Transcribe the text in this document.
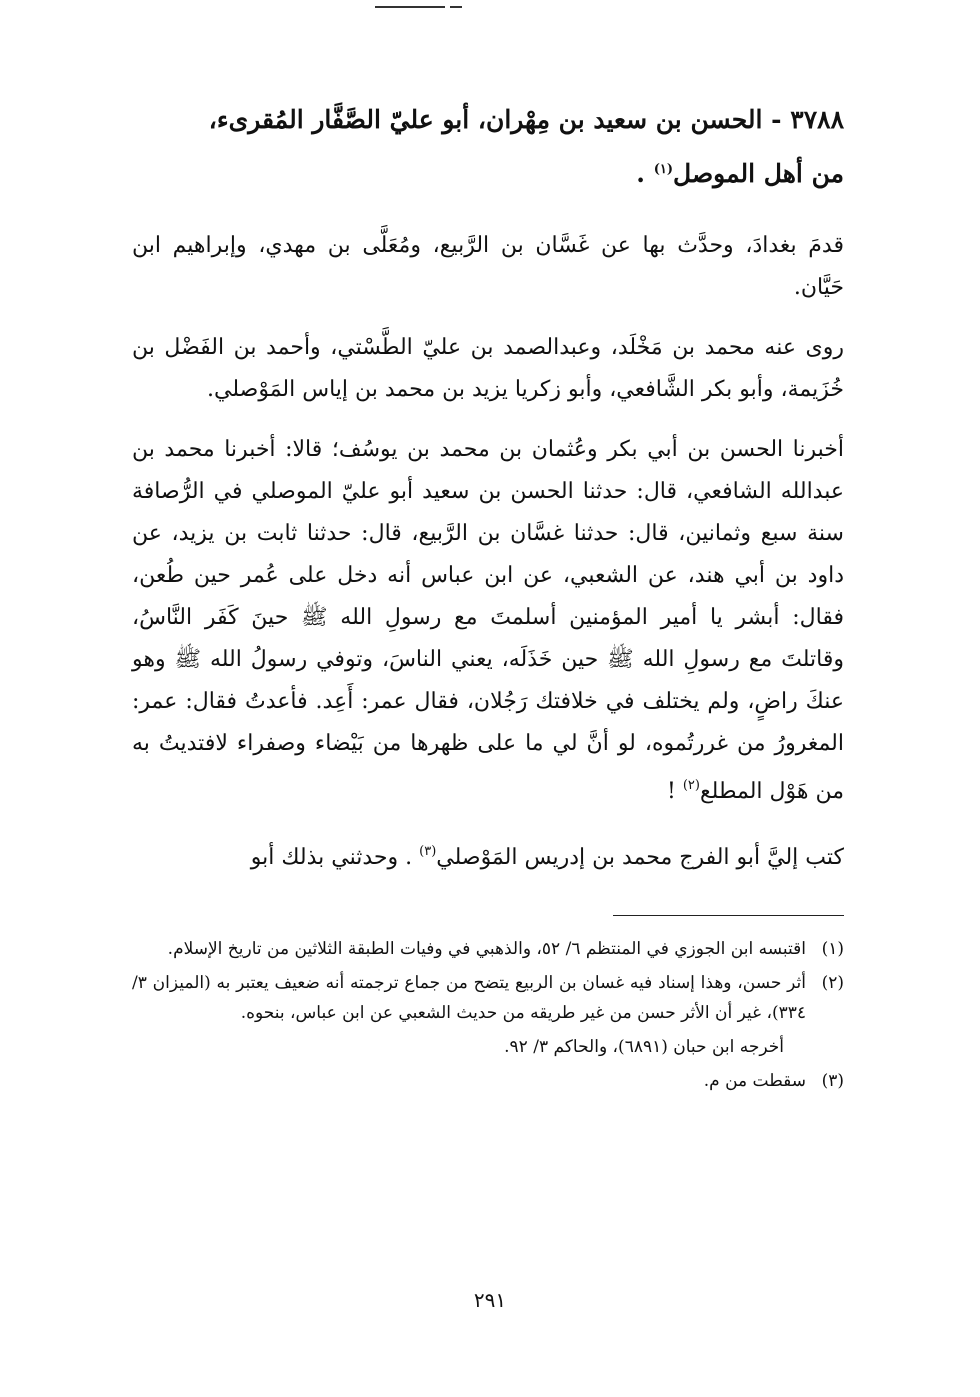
٣٧٨٨ - الحسن بن سعيد بن مِهْران، أبو عليّ الصَّفَّار المُقرىء،
من أهل الموصل$^{(١)}$ .

قدمَ بغدادَ، وحدَّث بها عن غَسَّان بن الرَّبيع، ومُعَلَّى بن مهدي، وإبراهيم ابن حَيَّان.

روى عنه محمد بن مَخْلَد، وعبدالصمد بن عليّ الطَّسْتي، وأحمد بن الفَضْل بن خُزَيمة، وأبو بكر الشَّافعي، وأبو زكريا يزيد بن محمد بن إياس المَوْصلي.

أخبرنا الحسن بن أبي بكر وعُثمان بن محمد بن يوسُف؛ قالا: أخبرنا محمد بن عبدالله الشافعي، قال: حدثنا الحسن بن سعيد أبو عليّ الموصلي في الرُّصافة سنة سبع وثمانين، قال: حدثنا غسَّان بن الرَّبيع، قال: حدثنا ثابت بن يزيد، عن داود بن أبي هند، عن الشعبي، عن ابن عباس أنه دخل على عُمر حين طُعن، فقال: أبشر يا أمير المؤمنين أسلمتَ مع رسولِ الله ﷺ حينَ كَفَر النَّاسُ، وقاتلتَ مع رسولِ الله ﷺ حين خَذَلَه، يعني الناسَ، وتوفي رسولُ الله ﷺ وهو عنكَ راضٍ، ولم يختلف في خلافتك رَجُلان، فقال عمر: أَعِد. فأعدتُ فقال: عمر: المغرورُ من غررتُموه، لو أنَّ لي ما على ظهرها من بَيْضاء وصفراء لافتديتُ به من هَوْل المطلع$^{(٢)}$ !

كتب إليَّ أبو الفرج محمد بن إدريس المَوْصلي$^{(٣)}$ . وحدثني بذلك أبو

(١)
اقتبسه ابن الجوزي في المنتظم ٦/ ٥٢، والذهبي في وفيات الطبقة الثلاثين من تاريخ الإسلام.
(٢)
أثر حسن، وهذا إسناد فيه غسان بن الربيع يتضح من جماع ترجمته أنه ضعيف يعتبر به (الميزان ٣/ ٣٣٤)، غير أن الأثر حسن من غير طريقه من حديث الشعبي عن ابن عباس، بنحوه.
أخرجه ابن حبان (٦٨٩١)، والحاكم ٣/ ٩٢.
(٣)
سقطت من م.
٢٩١
